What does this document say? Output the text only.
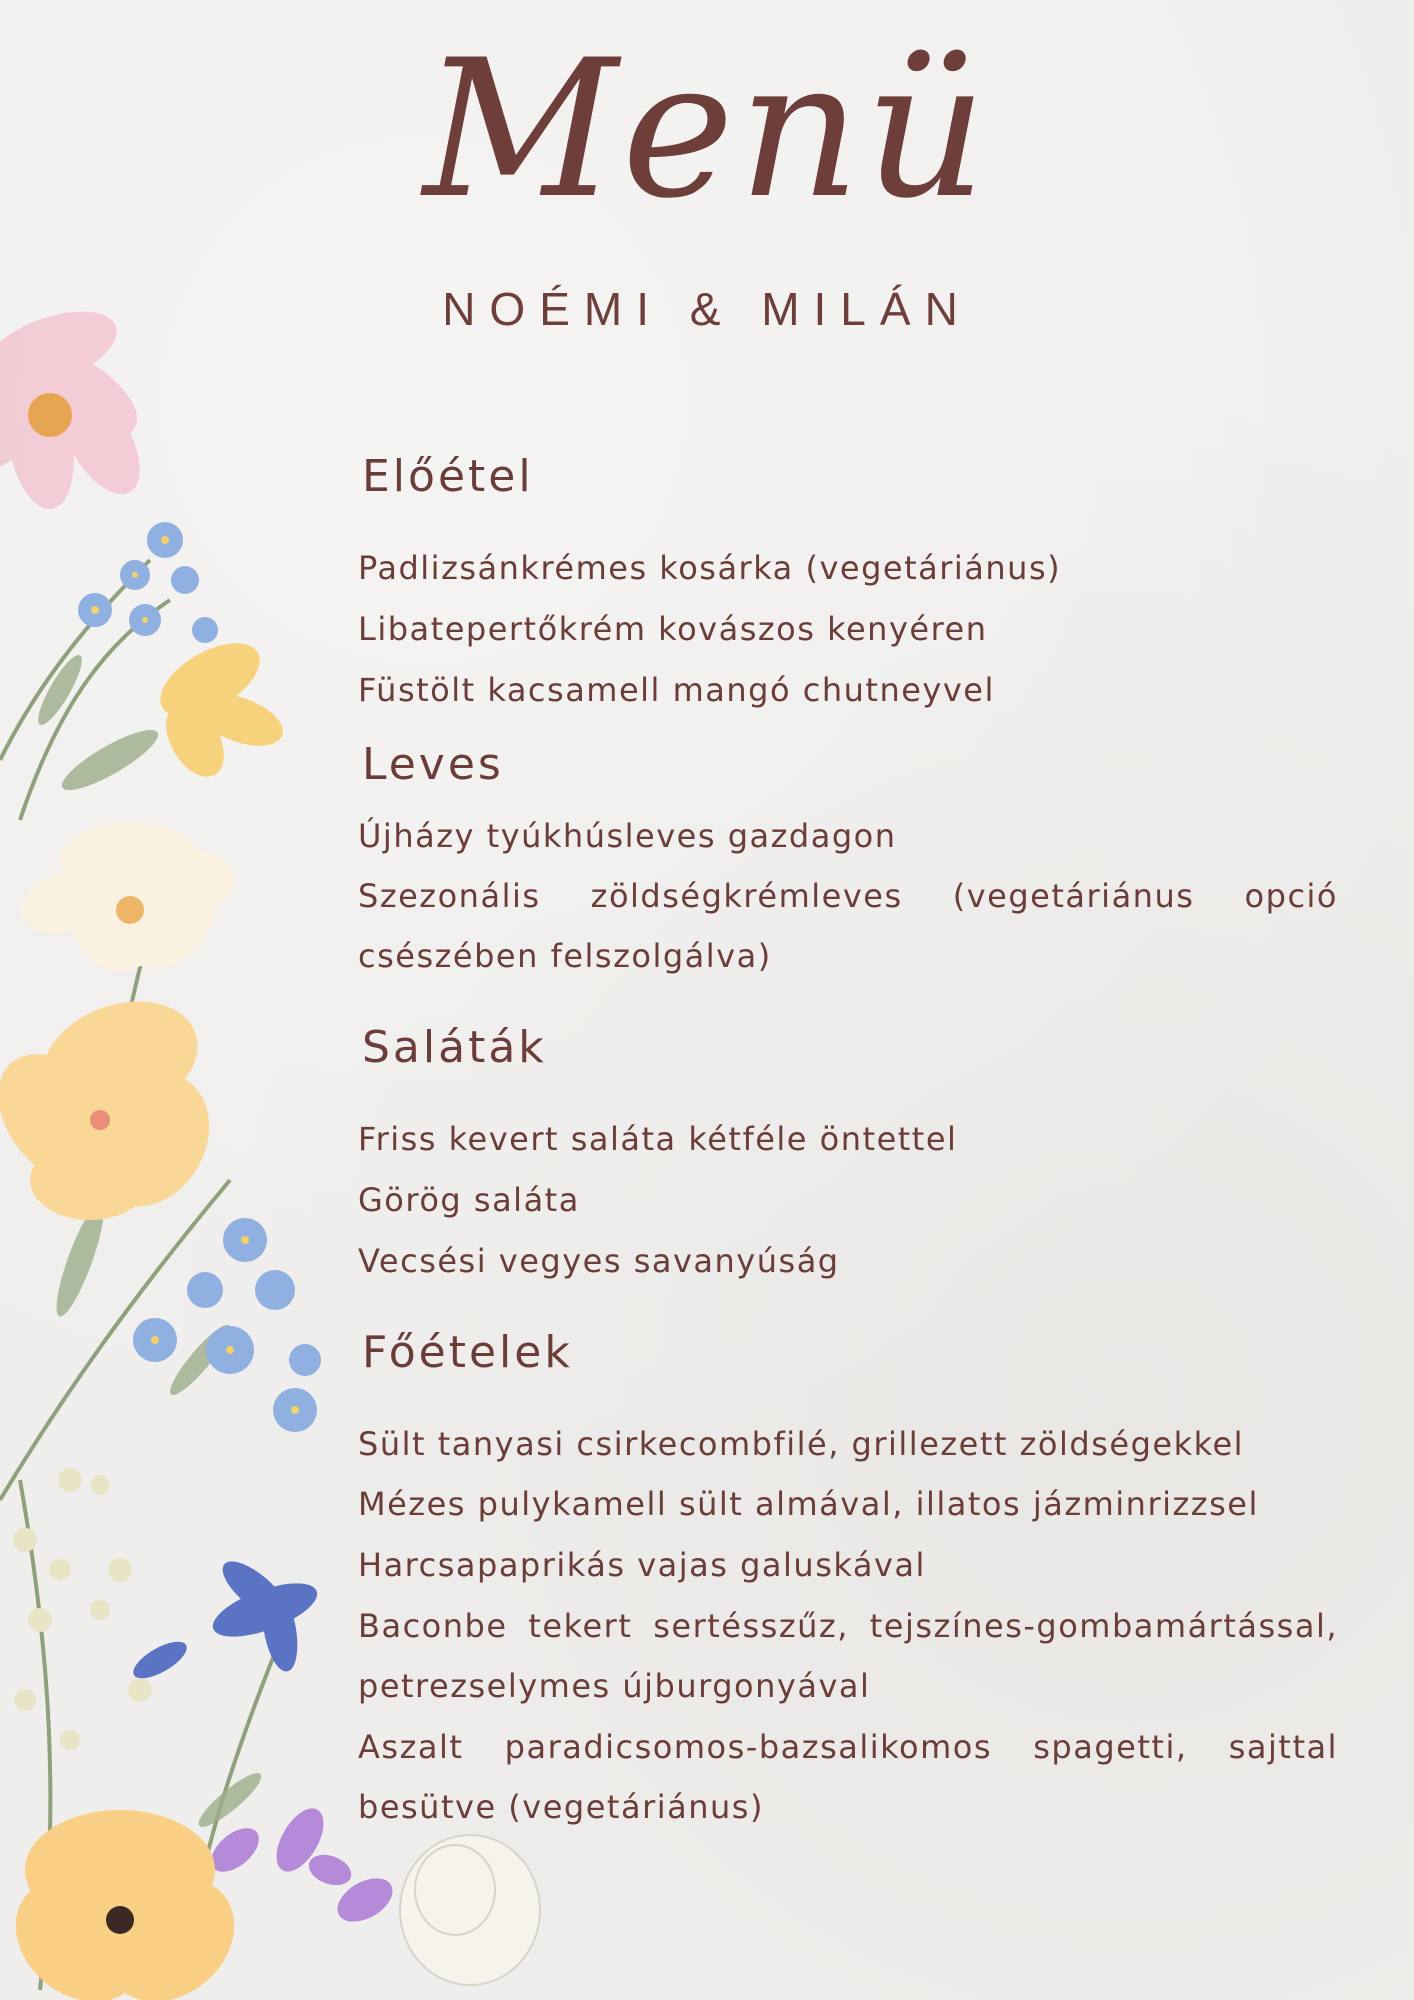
Menü
NOÉMI & MILÁN
Előétel
Padlizsánkrémes kosárka (vegetáriánus)
Libatepertőkrém kovászos kenyéren
Füstölt kacsamell mangó chutneyvel
Leves
Újházy tyúkhúsleves gazdagon
Szezonális zöldségkrémleves (vegetáriánus opció csészében felszolgálva)
Saláták
Friss kevert saláta kétféle öntettel
Görög saláta
Vecsési vegyes savanyúság
Főételek
Sült tanyasi csirkecombfilé, grillezett zöldségekkel
Mézes pulykamell sült almával, illatos jázminrizzsel
Harcsapaprikás vajas galuskával
Baconbe tekert sertésszűz, tejszínes-gombamártással, petrezselymes újburgonyával
Aszalt paradicsomos-bazsalikomos spagetti, sajttal besütve (vegetáriánus)
